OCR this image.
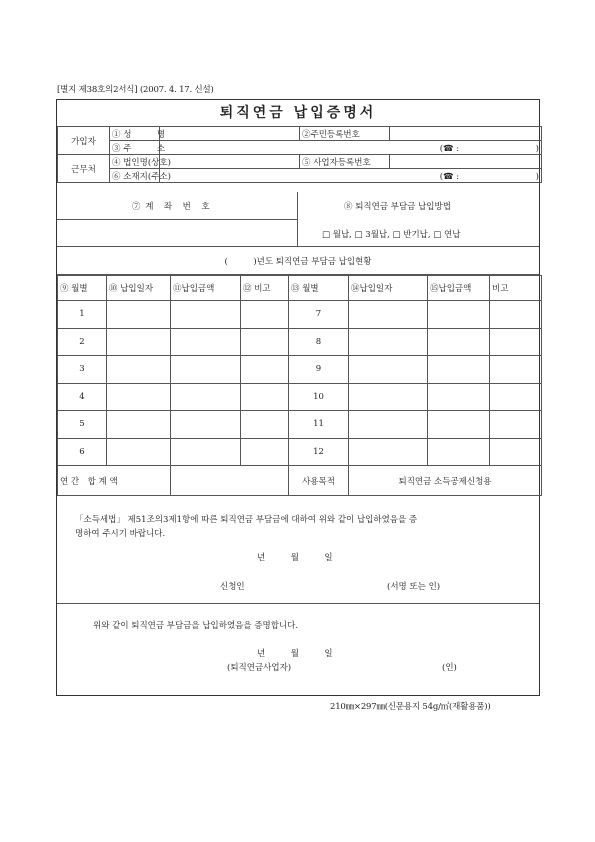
[별지 제38호의2서식] (2007. 4. 17. 신설)
퇴직연금 납입증명서
가입자	① 성　　　명		②주민등록번호	
	③ 주　　　소	(☎ :　　　　　　　　　)		
근무처	④ 법인명(상호)		⑤ 사업자등록번호	
	⑥ 소재지(주소)	(☎ :　　　　　　　　　)		
⑦ 계　좌　번　호	⑧ 퇴직연금 부담금 납입방법
□ 월납, □ 3월납, □ 반기납, □ 연납
(　　　)년도 퇴직연금 부담금 납입현황
⑨ 월별	⑩ 납입일자	⑪납입금액	⑫ 비고	⑬ 월별	⑭납입일자	⑮납입금액	비고
1				7			
2				8			
3				9			
4				10			
5				11			
6				12			
연 간　합 계 액				사용목적	퇴직연금 소득공제신청용		
「소득세법」 제51조의3제1항에 따른 퇴직연금 부담금에 대하여 위와 같이 납입하였음을 증
명하여 주시기 바랍니다.
년　　　월　　　일
신청인	(서명 또는 인)
위와 같이 퇴직연금 부담금을 납입하였음을 증명합니다.
년　　　월　　　일
(퇴직연금사업자)	(인)
210㎜×297㎜(신문용지 54g/㎡(재활용품))
